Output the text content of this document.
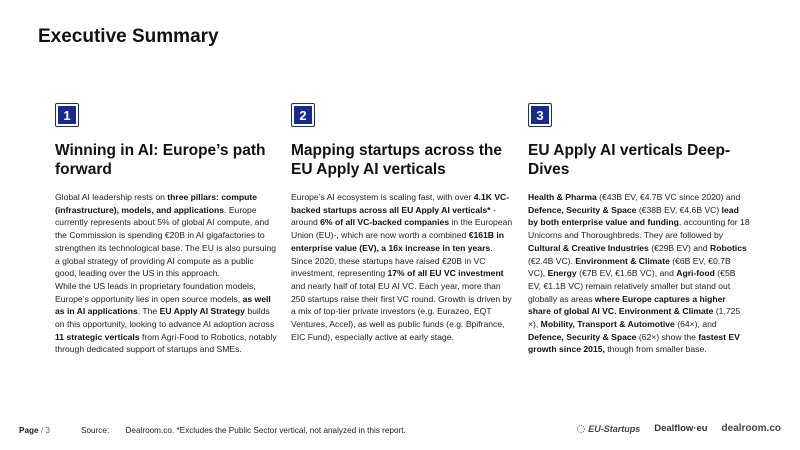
Executive Summary
1
Winning in AI: Europe’s path forward

Global AI leadership rests on three pillars: compute (infrastructure), models, and applications. Europe currently represents about 5% of global AI compute, and the Commission is spending €20B in AI gigafactories to strengthen its technological base. The EU is also pursuing a global strategy of providing AI compute as a public good, leading over the US in this approach.

While the US leads in proprietary foundation models, Europe’s opportunity lies in open source models, as well as in AI applications. The EU Apply AI Strategy builds on this opportunity, looking to advance AI adoption across 11 strategic verticals from Agri-Food to Robotics, notably through dedicated support of startups and SMEs.

2
Mapping startups across the EU Apply AI verticals

Europe’s AI ecosystem is scaling fast, with over 4.1K VC-backed startups across all EU Apply AI verticals* -around 6% of all VC-backed companies in the European Union (EU)-, which are now worth a combined €161B in enterprise value (EV), a 16x increase in ten years. Since 2020, these startups have raised €20B in VC investment, representing 17% of all EU VC investment and nearly half of total EU AI VC. Each year, more than 250 startups raise their first VC round. Growth is driven by a mix of top-tier private investors (e.g. Eurazeo, EQT Ventures, Accel), as well as public funds (e.g. Bpifrance, EIC Fund), especially active at early stage.

3
EU Apply AI verticals Deep-Dives

Health & Pharma (€43B EV, €4.7B VC since 2020) and Defence, Security & Space (€38B EV, €4.6B VC) lead by both enterprise value and funding, accounting for 18 Unicorns and Thoroughbreds. They are followed by Cultural & Creative Industries (€29B EV) and Robotics (€2.4B VC). Environment & Climate (€6B EV, €0.7B VC), Energy (€7B EV, €1.6B VC), and Agri-food (€5B EV, €1.1B VC) remain relatively smaller but stand out globally as areas where Europe captures a higher share of global AI VC. Environment & Climate (1,725 ×), Mobility, Transport & Automotive (64×), and Defence, Security & Space (62×) show the fastest EV growth since 2015, though from smaller base.

Page / 3	Source: Dealroom.co. *Excludes the Public Sector vertical, not analyzed in this report.	EU-Startups Dealflow·eu dealroom.co
